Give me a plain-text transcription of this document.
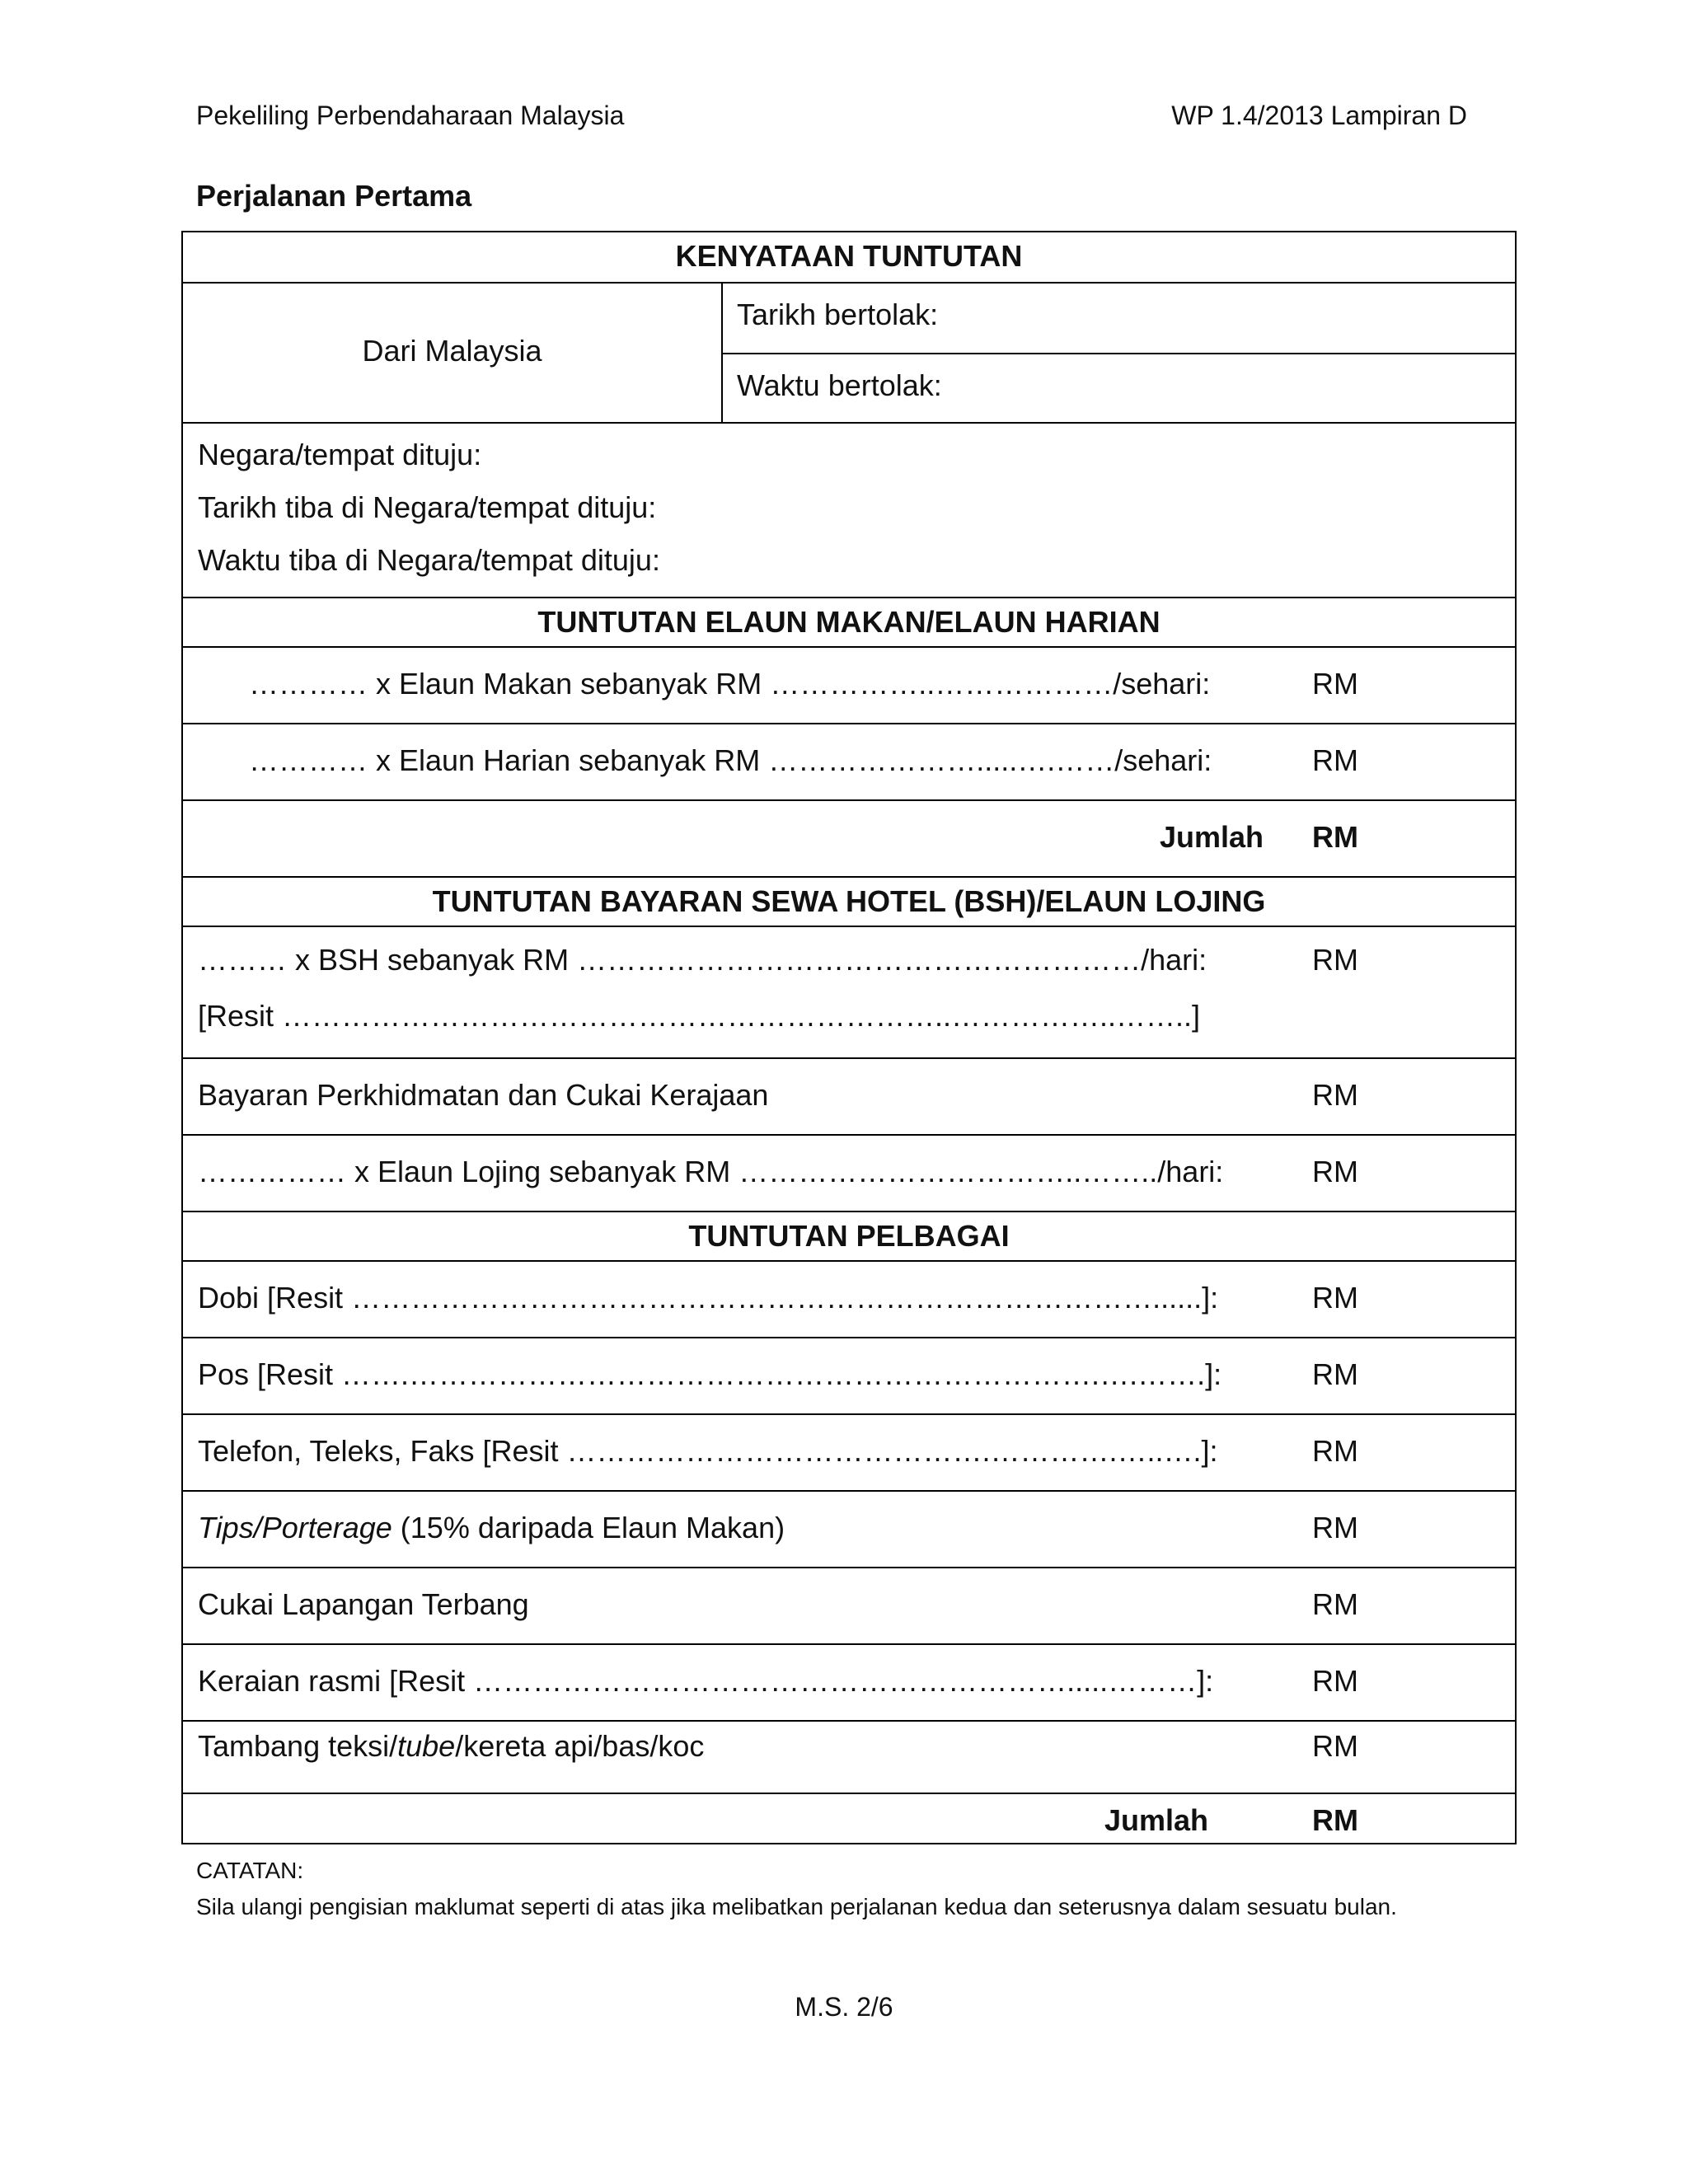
Pekeliling Perbendaharaan Malaysia	WP 1.4/2013 Lampiran D
Perjalanan Pertama
KENYATAAN TUNTUTAN
Dari Malaysia
Tarikh bertolak:
Waktu bertolak:
Negara/tempat dituju:
Tarikh tiba di Negara/tempat dituju:
Waktu tiba di Negara/tempat dituju:
TUNTUTAN ELAUN MAKAN/ELAUN HARIAN
………… x Elaun Makan sebanyak RM ……………..………………/sehari:	RM
………… x Elaun Harian sebanyak RM ………………….....….……/sehari:	RM
Jumlah RM
TUNTUTAN BAYARAN SEWA HOTEL (BSH)/ELAUN LOJING
……… x BSH sebanyak RM …………………………………………………/hari:	RM
[Resit …………………………………………………………..……………..……..]
Bayaran Perkhidmatan dan Cukai Kerajaan	RM
…………… x Elaun Lojing sebanyak RM ……………………………..……../hari:	RM
TUNTUTAN PELBAGAI
Dobi [Resit ………………………………………………………………………......]:	RM
Pos [Resit …….…………………………………………………………….….…….]:	RM
Telefon, Teleks, Faks [Resit …………………………………….………….…..….]:	RM
Tips/Porterage (15% daripada Elaun Makan)	RM
Cukai Lapangan Terbang	RM
Keraian rasmi [Resit …………………………………………………….....………]:	RM
Tambang teksi/tube/kereta api/bas/koc	RM
Jumlah	RM
CATATAN:
Sila ulangi pengisian maklumat seperti di atas jika melibatkan perjalanan kedua dan seterusnya dalam sesuatu bulan.
M.S. 2/6
